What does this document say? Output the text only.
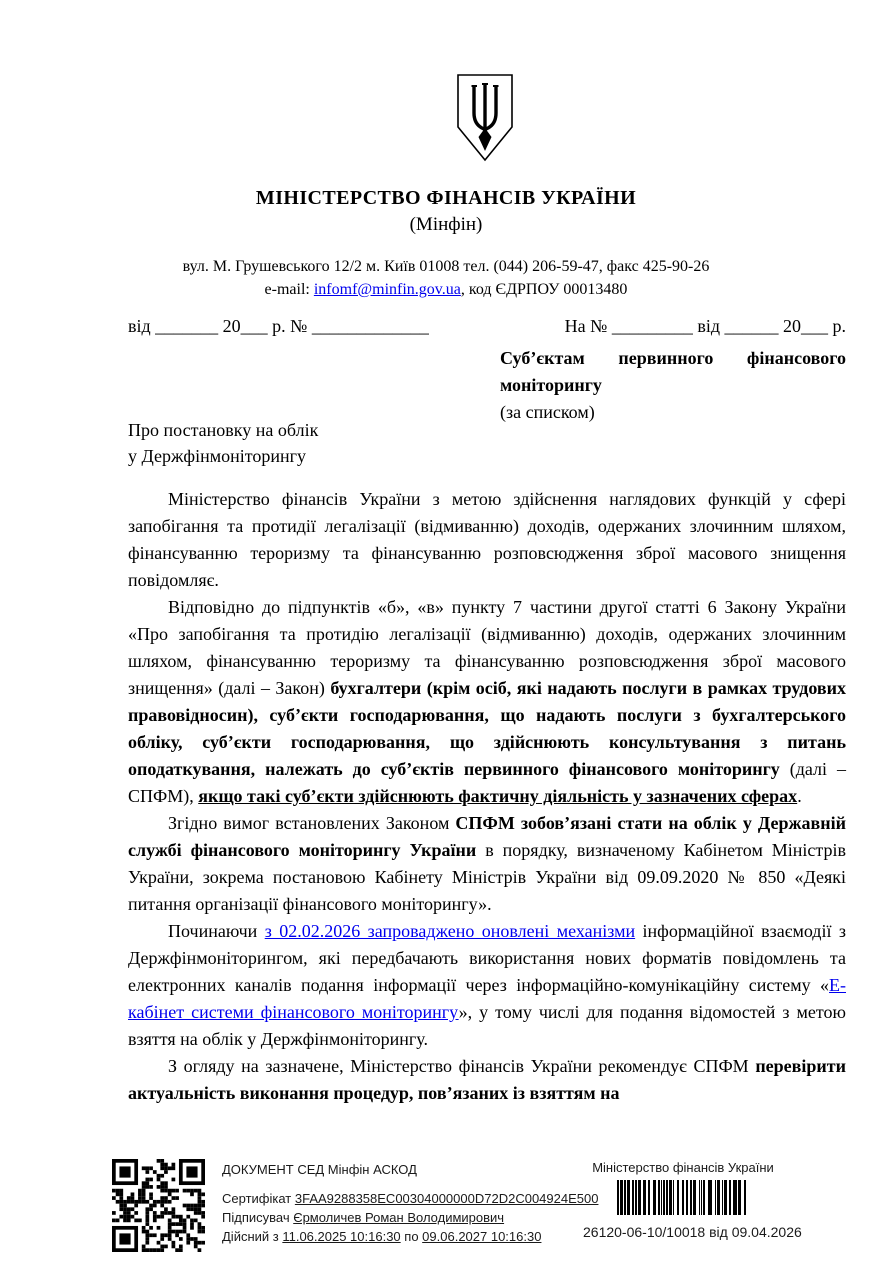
МІНІСТЕРСТВО ФІНАНСІВ УКРАЇНИ
(Мінфін)
вул. М. Грушевського 12/2 м. Київ 01008 тел. (044) 206-59-47, факс 425-90-26
e-mail: infomf@minfin.gov.ua, код ЄДРПОУ 00013480
від _______ 20___ р. № _____________	На № _________ від ______ 20___ р.
Суб’єктам первинного фінансового моніторингу
(за списком)
Про постановку на облік
у Держфінмоніторингу

Міністерство фінансів України з метою здійснення наглядових функцій у сфері запобігання та протидії легалізації (відмиванню) доходів, одержаних злочинним шляхом, фінансуванню тероризму та фінансуванню розповсюдження зброї масового знищення повідомляє.

Відповідно до підпунктів «б», «в» пункту 7 частини другої статті 6 Закону України «Про запобігання та протидію легалізації (відмиванню) доходів, одержаних злочинним шляхом, фінансуванню тероризму та фінансуванню розповсюдження зброї масового знищення» (далі – Закон) бухгалтери (крім осіб, які надають послуги в рамках трудових правовідносин), суб’єкти господарювання, що надають послуги з бухгалтерського обліку, суб’єкти господарювання, що здійснюють консультування з питань оподаткування, належать до суб’єктів первинного фінансового моніторингу (далі – СПФМ), якщо такі суб’єкти здійснюють фактичну діяльність у зазначених сферах.

Згідно вимог встановлених Законом СПФМ зобов’язані стати на облік у Державній службі фінансового моніторингу України в порядку, визначеному Кабінетом Міністрів України, зокрема постановою Кабінету Міністрів України від 09.09.2020 № 850 «Деякі питання організації фінансового моніторингу».

Починаючи з 02.02.2026 запроваджено оновлені механізми інформаційної взаємодії з Держфінмоніторингом, які передбачають використання нових форматів повідомлень та електронних каналів подання інформації через інформаційно-комунікаційну систему «Е-кабінет системи фінансового моніторингу», у тому числі для подання відомостей з метою взяття на облік у Держфінмоніторингу.

З огляду на зазначене, Міністерство фінансів України рекомендує СПФМ перевірити актуальність виконання процедур, пов’язаних із взяттям на

ДОКУМЕНТ СЕД Мінфін АСКОД
Сертифікат 3FAA9288358EC00304000000D72D2C004924E500
Підписувач Єрмоличев Роман Володимирович
Дійсний з 11.06.2025 10:16:30 по 09.06.2027 10:16:30
Міністерство фінансів України
26120-06-10/10018 від 09.04.2026
